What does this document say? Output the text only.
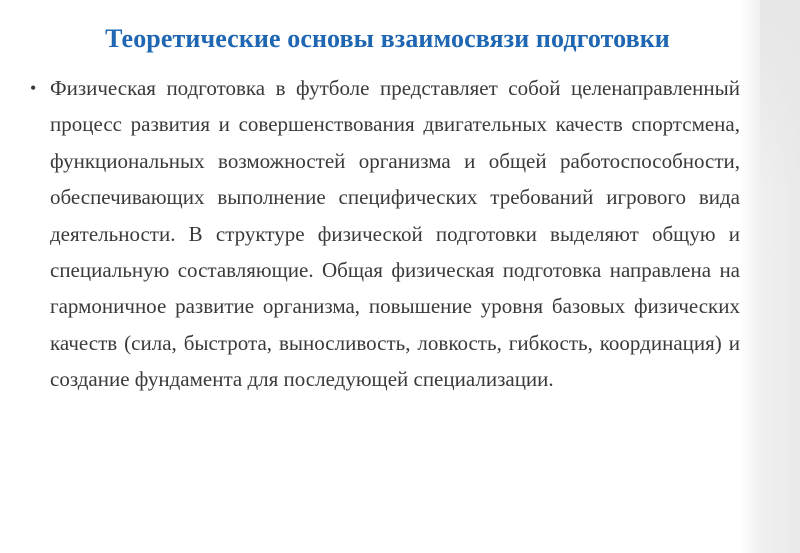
Теоретические основы взаимосвязи подготовки
• Физическая подготовка в футболе представляет собой целенаправленный процесс развития и совершенствования двигательных качеств спортсмена, функциональных возможностей организма и общей работоспособности, обеспечивающих выполнение специфических требований игрового вида деятельности. В структуре физической подготовки выделяют общую и специальную составляющие. Общая физическая подготовка направлена на гармоничное развитие организма, повышение уровня базовых физических качеств (сила, быстрота, выносливость, ловкость, гибкость, координация) и создание фундамента для последующей специализации.
